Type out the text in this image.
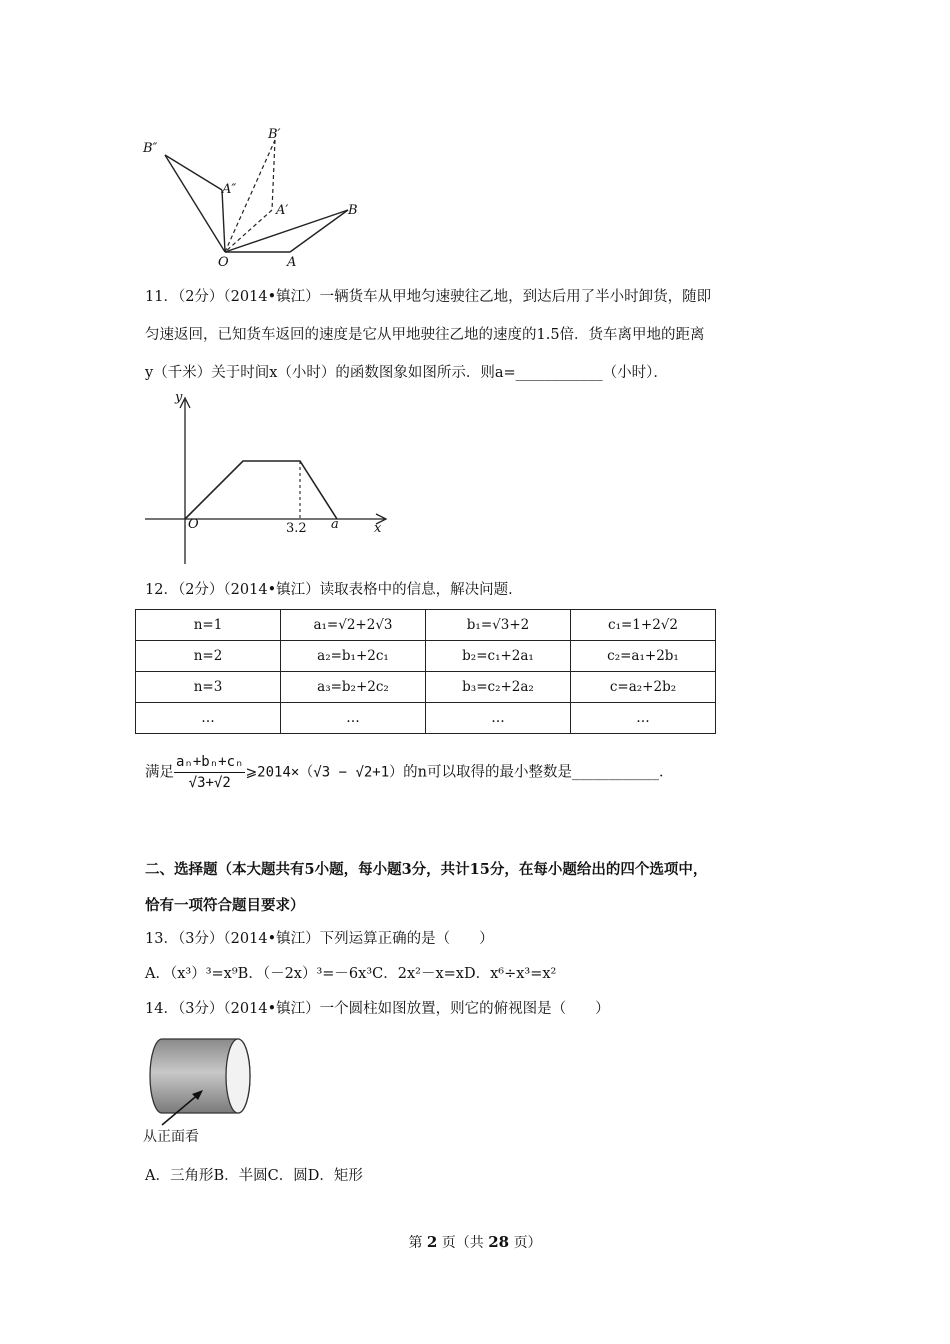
B″
B′
A″
A′	B
O	A
11．（2分）（2014•镇江）一辆货车从甲地匀速驶往乙地，到达后用了半小时卸货，随即
匀速返回，已知货车返回的速度是它从甲地驶往乙地的速度的1.5倍．货车离甲地的距离
y（千米）关于时间x（小时）的函数图象如图所示．则a=____________（小时）．
y
x
O	3.2 a
12．（2分）（2014•镇江）读取表格中的信息，解决问题．
n=1	a₁=√2+2√3	b₁=√3+2	c₁=1+2√2
n=2	a₂=b₁+2c₁	b₂=c₁+2a₁	c₂=a₁+2b₁
n=3	a₃=b₂+2c₂	b₃=c₂+2a₂	c=a₂+2b₂
…	…	…	…
满足 $\frac{\text{aₙ+bₙ+cₙ}}{√3+√2}$ ⩾2014×（√3 − √2+1）的n可以取得的最小整数是____________．
二、选择题（本大题共有5小题，每小题3分，共计15分，在每小题给出的四个选项中，
恰有一项符合题目要求）
13．（3分）（2014•镇江）下列运算正确的是（　　）
A．（x³）³=x⁹B．（－2x）³=－6x³C．2x²－x=xD．x⁶÷x³=x²
14．（3分）（2014•镇江）一个圆柱如图放置，则它的俯视图是（　　）
从正面看
A．三角形B．半圆C．圆D．矩形
第 2 页（共 28 页）
